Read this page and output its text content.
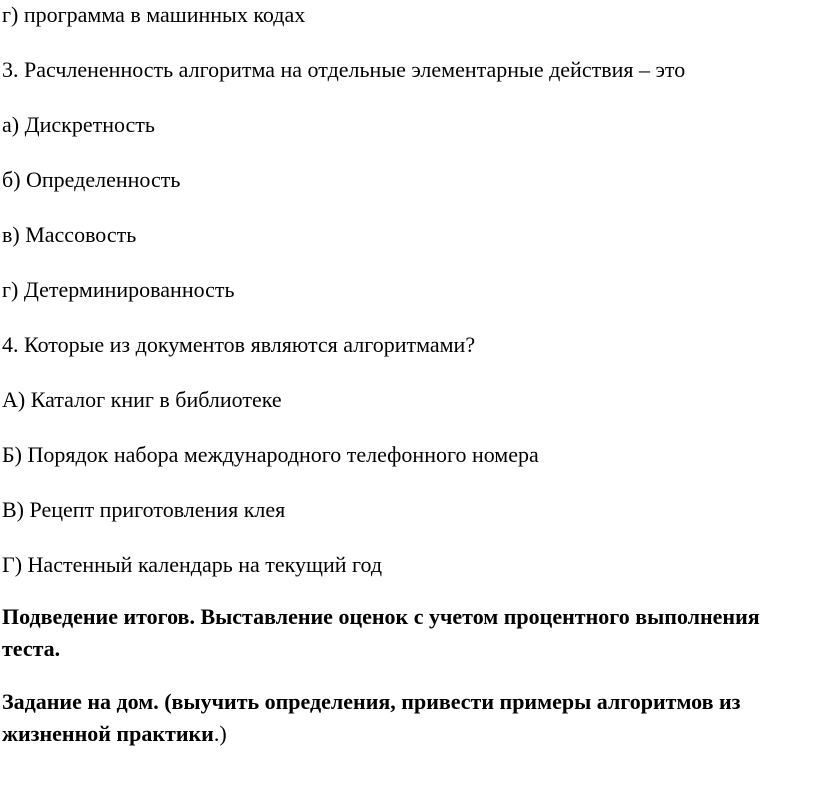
г) программа в машинных кодах
3. Расчлененность алгоритма на отдельные элементарные действия – это
а) Дискретность
б) Определенность
в) Массовость
г) Детерминированность
4. Которые из документов являются алгоритмами?
А) Каталог книг в библиотеке
Б) Порядок набора международного телефонного номера
В) Рецепт приготовления клея
Г) Настенный календарь на текущий год
Подведение итогов. Выставление оценок с учетом процентного выполнения теста.
Задание на дом. (выучить определения, привести примеры алгоритмов из жизненной практики.)
